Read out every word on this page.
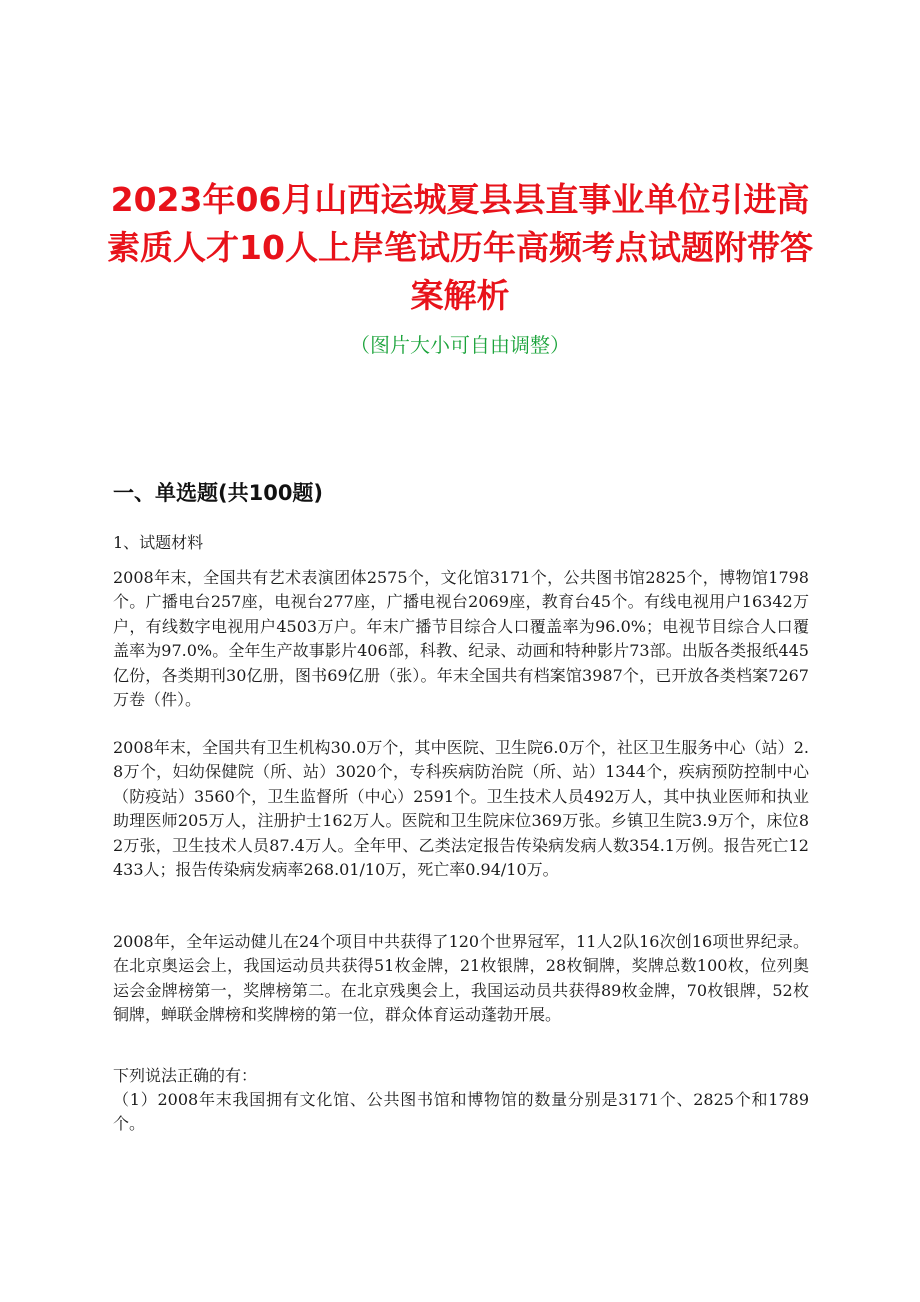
2023年06月山西运城夏县县直事业单位引进高素质人才10人上岸笔试历年高频考点试题附带答案解析

（图片大小可自由调整）

一、单选题(共100题)

1、试题材料

2008年末，全国共有艺术表演团体2575个，文化馆3171个，公共图书馆2825个，博物馆1798个。广播电台257座，电视台277座，广播电视台2069座，教育台45个。有线电视用户16342万户，有线数字电视用户4503万户。年末广播节目综合人口覆盖率为96.0%；电视节目综合人口覆盖率为97.0%。全年生产故事影片406部，科教、纪录、动画和特种影片73部。出版各类报纸445亿份，各类期刊30亿册，图书69亿册（张）。年末全国共有档案馆3987个，已开放各类档案7267万卷（件）。

2008年末，全国共有卫生机构30.0万个，其中医院、卫生院6.0万个，社区卫生服务中心（站）2.8万个，妇幼保健院（所、站）3020个，专科疾病防治院（所、站）1344个，疾病预防控制中心（防疫站）3560个，卫生监督所（中心）2591个。卫生技术人员492万人，其中执业医师和执业助理医师205万人，注册护士162万人。医院和卫生院床位369万张。乡镇卫生院3.9万个，床位82万张，卫生技术人员87.4万人。全年甲、乙类法定报告传染病发病人数354.1万例。报告死亡12433人；报告传染病发病率268.01/10万，死亡率0.94/10万。

2008年，全年运动健儿在24个项目中共获得了120个世界冠军，11人2队16次创16项世界纪录。在北京奥运会上，我国运动员共获得51枚金牌，21枚银牌，28枚铜牌，奖牌总数100枚，位列奥运会金牌榜第一，奖牌榜第二。在北京残奥会上，我国运动员共获得89枚金牌，70枚银牌，52枚铜牌，蝉联金牌榜和奖牌榜的第一位，群众体育运动蓬勃开展。

下列说法正确的有：

（1）2008年末我国拥有文化馆、公共图书馆和博物馆的数量分别是3171个、2825个和1789个。
